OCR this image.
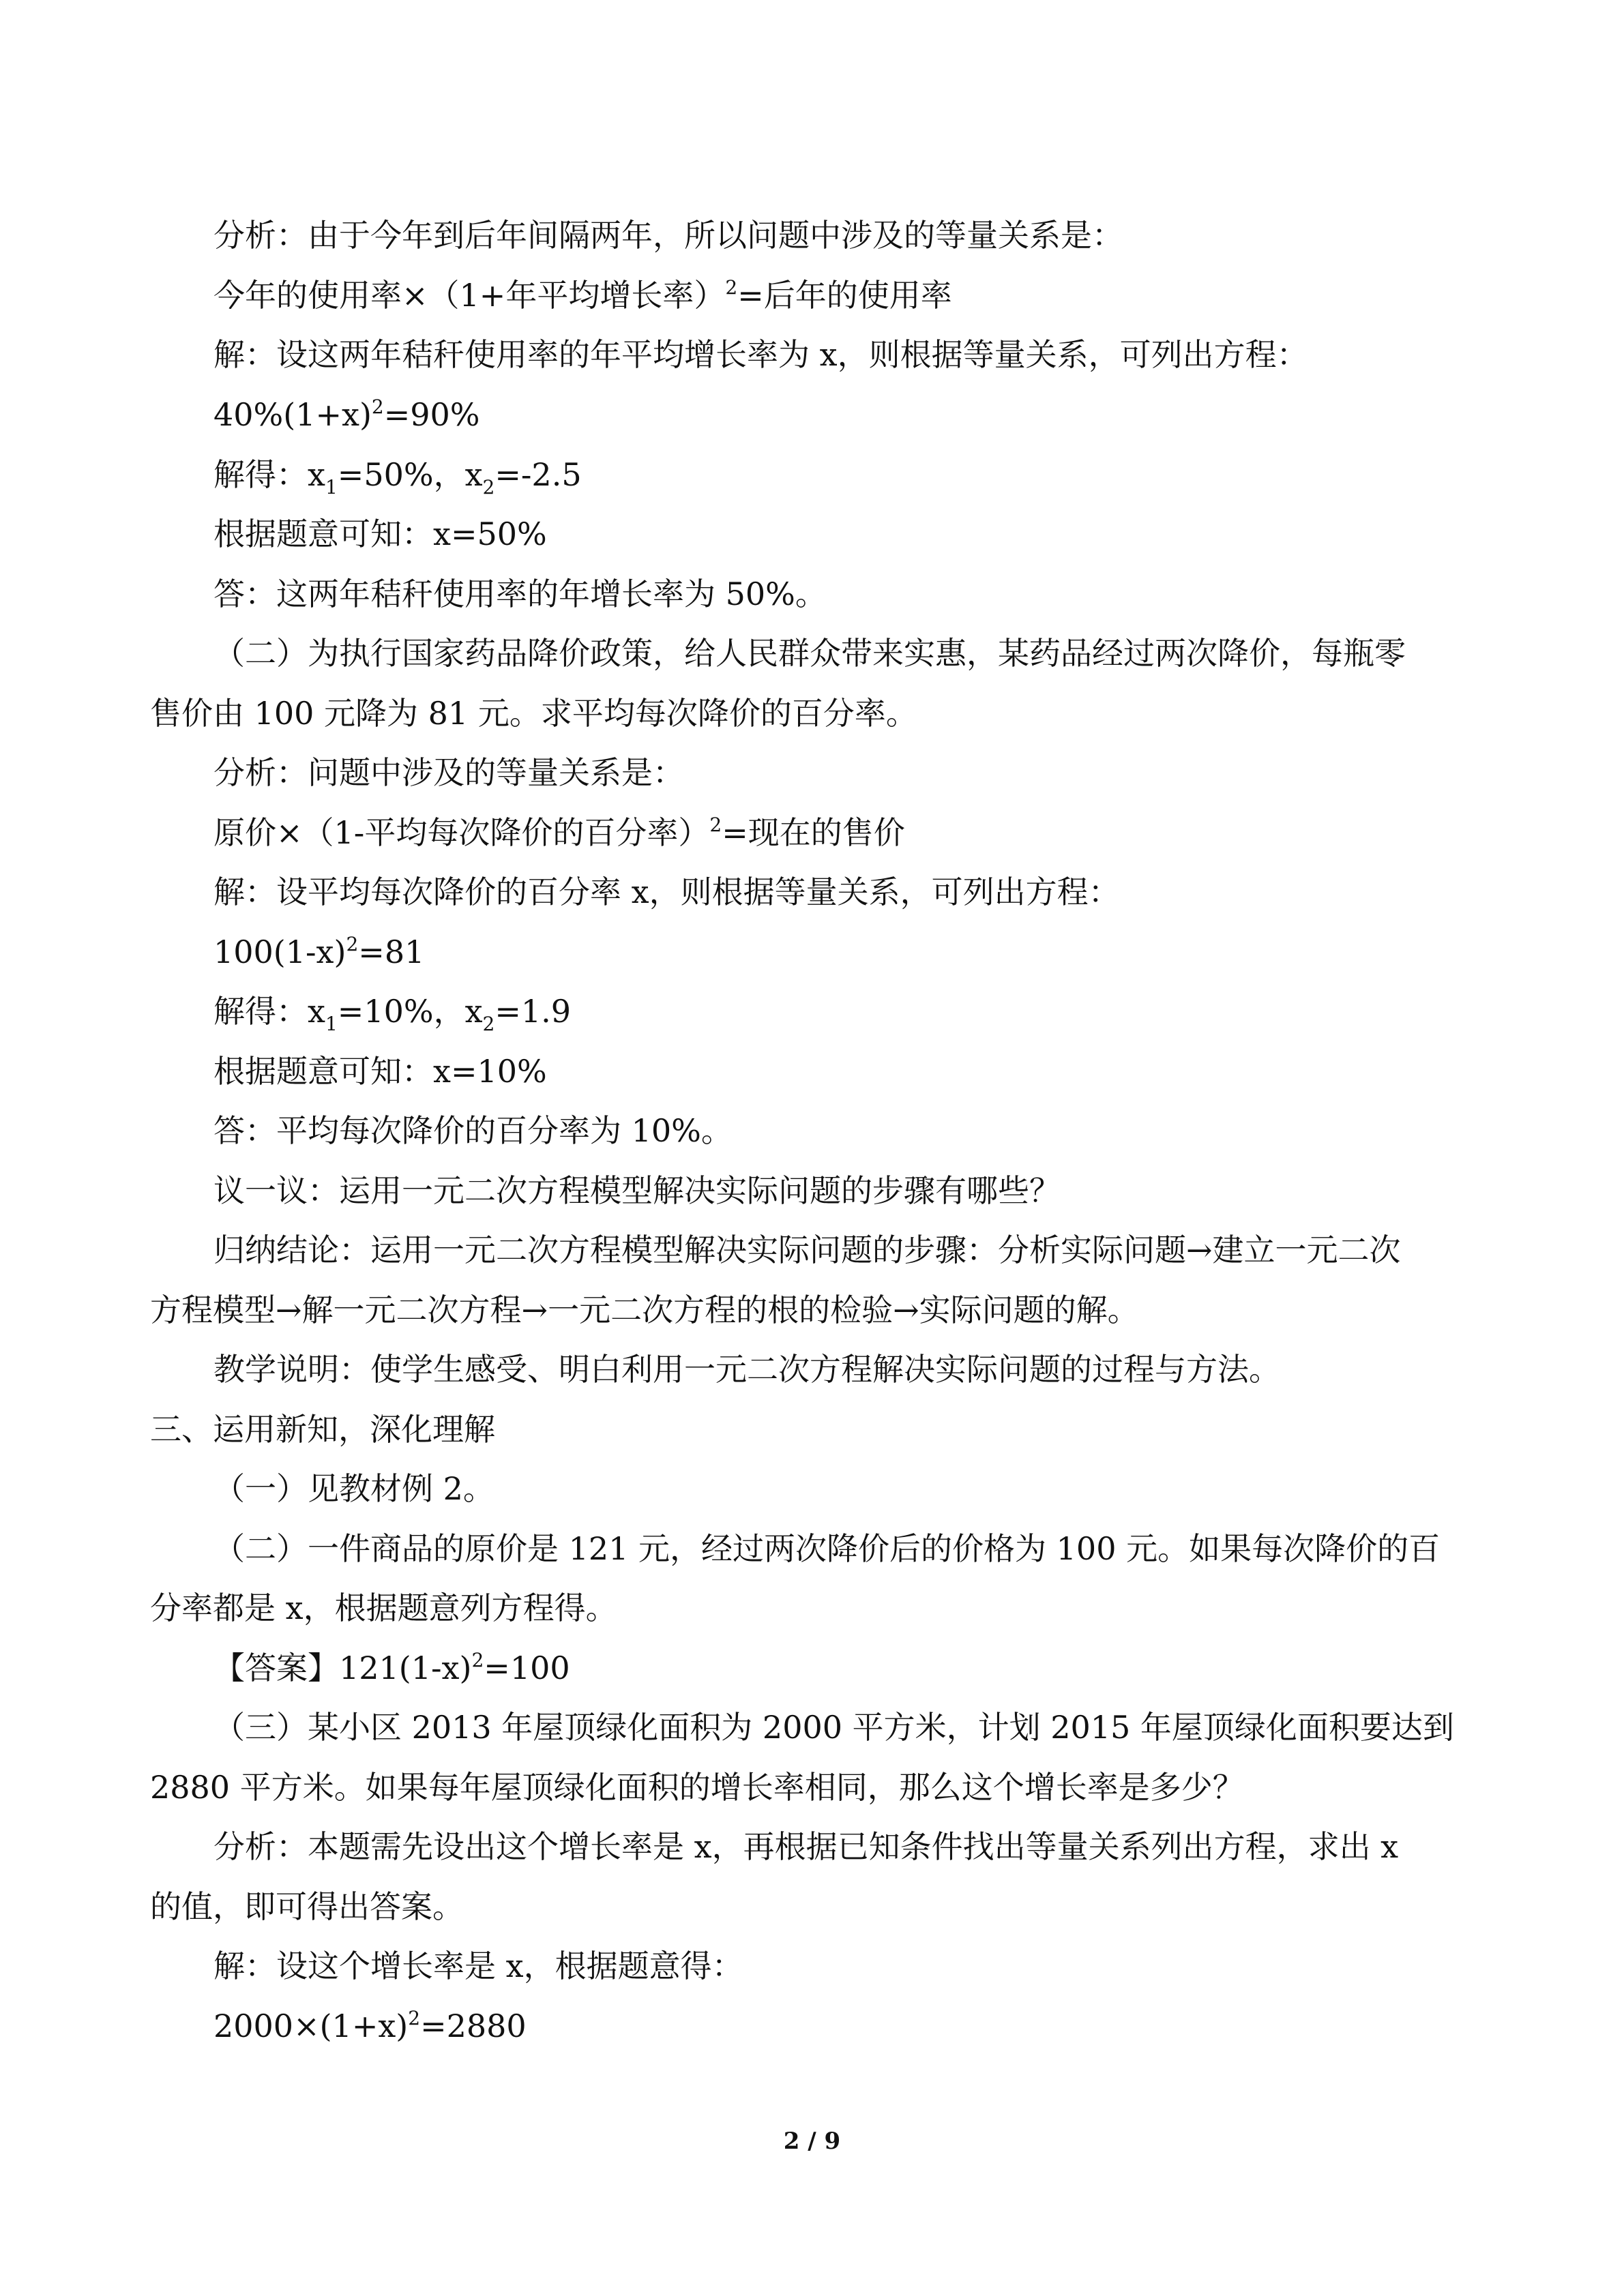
分析：由于今年到后年间隔两年，所以问题中涉及的等量关系是：
今年的使用率×（1+年平均增长率）$^2$=后年的使用率
解：设这两年秸秆使用率的年平均增长率为 x，则根据等量关系，可列出方程：
$40\%(1+x)^2=90\%$
解得：$x_1=50\%$，$x_2=-2.5$
根据题意可知：x=50%
答：这两年秸秆使用率的年增长率为 50%。
（二）为执行国家药品降价政策，给人民群众带来实惠，某药品经过两次降价，每瓶零
售价由 100 元降为 81 元。求平均每次降价的百分率。
分析：问题中涉及的等量关系是：
原价×（1-平均每次降价的百分率）$^2$=现在的售价
解：设平均每次降价的百分率 x，则根据等量关系，可列出方程：
$100(1-x)^2=81$
解得：$x_1=10\%$，$x_2=1.9$
根据题意可知：x=10%
答：平均每次降价的百分率为 10%。
议一议：运用一元二次方程模型解决实际问题的步骤有哪些？
归纳结论：运用一元二次方程模型解决实际问题的步骤：分析实际问题→建立一元二次
方程模型→解一元二次方程→一元二次方程的根的检验→实际问题的解。
教学说明：使学生感受、明白利用一元二次方程解决实际问题的过程与方法。
三、运用新知，深化理解
（一）见教材例 2。
（二）一件商品的原价是 121 元，经过两次降价后的价格为 100 元。如果每次降价的百
分率都是 x，根据题意列方程得。
【答案】$121(1-x)^2=100$
（三）某小区 2013 年屋顶绿化面积为 2000 平方米，计划 2015 年屋顶绿化面积要达到
2880 平方米。如果每年屋顶绿化面积的增长率相同，那么这个增长率是多少？
分析：本题需先设出这个增长率是 x，再根据已知条件找出等量关系列出方程，求出 x
的值，即可得出答案。
解：设这个增长率是 x，根据题意得：
$2000\times(1+x)^2=2880$
2 / 9
